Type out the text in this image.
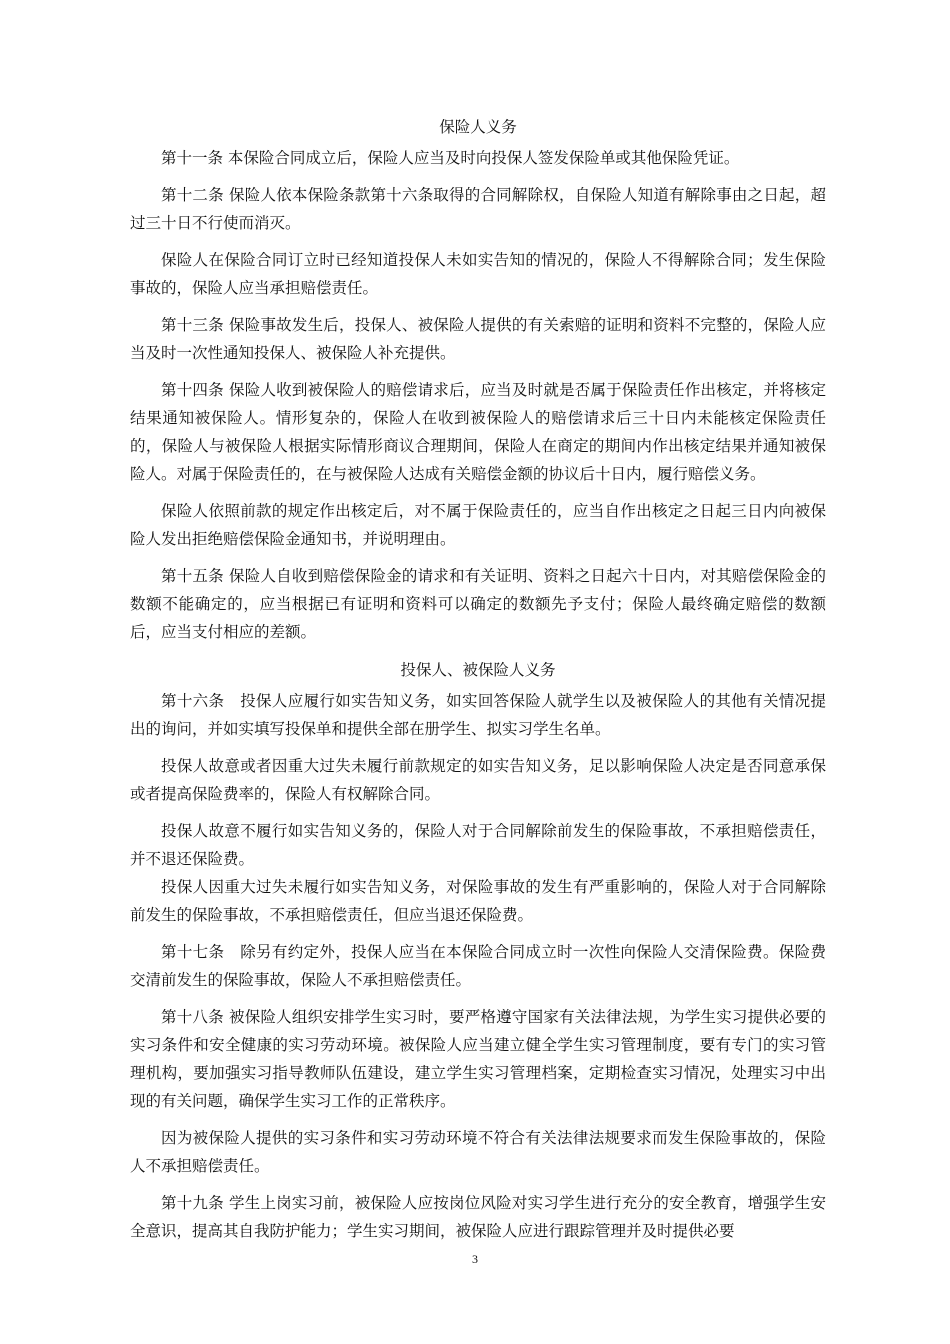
保险人义务

第十一条 本保险合同成立后，保险人应当及时向投保人签发保险单或其他保险凭证。

第十二条 保险人依本保险条款第十六条取得的合同解除权，自保险人知道有解除事由之日起，超过三十日不行使而消灭。

保险人在保险合同订立时已经知道投保人未如实告知的情况的，保险人不得解除合同；发生保险事故的，保险人应当承担赔偿责任。

第十三条 保险事故发生后，投保人、被保险人提供的有关索赔的证明和资料不完整的，保险人应当及时一次性通知投保人、被保险人补充提供。

第十四条 保险人收到被保险人的赔偿请求后，应当及时就是否属于保险责任作出核定，并将核定结果通知被保险人。情形复杂的，保险人在收到被保险人的赔偿请求后三十日内未能核定保险责任的，保险人与被保险人根据实际情形商议合理期间，保险人在商定的期间内作出核定结果并通知被保险人。对属于保险责任的，在与被保险人达成有关赔偿金额的协议后十日内，履行赔偿义务。

保险人依照前款的规定作出核定后，对不属于保险责任的，应当自作出核定之日起三日内向被保险人发出拒绝赔偿保险金通知书，并说明理由。

第十五条 保险人自收到赔偿保险金的请求和有关证明、资料之日起六十日内，对其赔偿保险金的数额不能确定的，应当根据已有证明和资料可以确定的数额先予支付；保险人最终确定赔偿的数额后，应当支付相应的差额。

投保人、被保险人义务

第十六条　投保人应履行如实告知义务，如实回答保险人就学生以及被保险人的其他有关情况提出的询问，并如实填写投保单和提供全部在册学生、拟实习学生名单。

投保人故意或者因重大过失未履行前款规定的如实告知义务，足以影响保险人决定是否同意承保或者提高保险费率的，保险人有权解除合同。

投保人故意不履行如实告知义务的，保险人对于合同解除前发生的保险事故，不承担赔偿责任，并不退还保险费。

投保人因重大过失未履行如实告知义务，对保险事故的发生有严重影响的，保险人对于合同解除前发生的保险事故，不承担赔偿责任，但应当退还保险费。

第十七条　除另有约定外，投保人应当在本保险合同成立时一次性向保险人交清保险费。保险费交清前发生的保险事故，保险人不承担赔偿责任。

第十八条 被保险人组织安排学生实习时，要严格遵守国家有关法律法规，为学生实习提供必要的实习条件和安全健康的实习劳动环境。被保险人应当建立健全学生实习管理制度，要有专门的实习管理机构，要加强实习指导教师队伍建设，建立学生实习管理档案，定期检查实习情况，处理实习中出现的有关问题，确保学生实习工作的正常秩序。

因为被保险人提供的实习条件和实习劳动环境不符合有关法律法规要求而发生保险事故的，保险人不承担赔偿责任。

第十九条 学生上岗实习前，被保险人应按岗位风险对实习学生进行充分的安全教育，增强学生安全意识，提高其自我防护能力；学生实习期间，被保险人应进行跟踪管理并及时提供必要

3
